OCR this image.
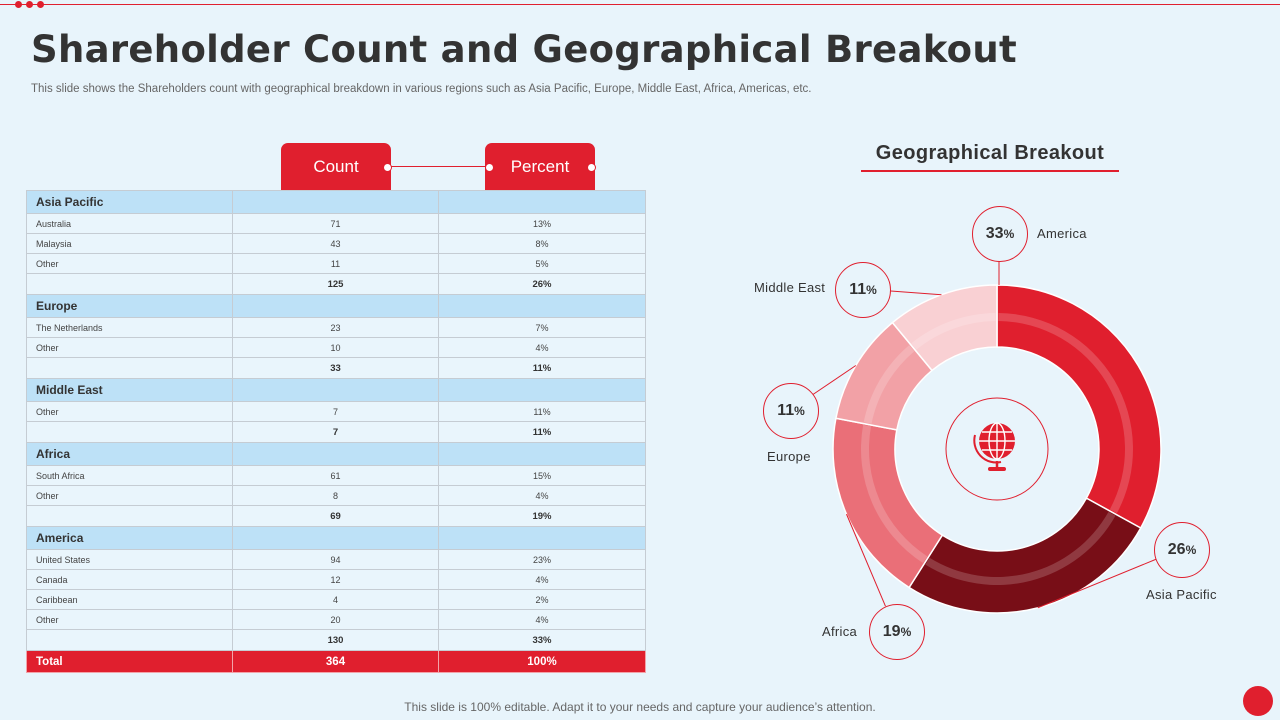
Shareholder Count and Geographical Breakout
This slide shows the Shareholders count with geographical breakdown in various regions such as Asia Pacific, Europe, Middle East, Africa, Americas, etc.
Count	Percent
Asia Pacific		
Australia	71	13%
Malaysia	43	8%
Other	11	5%
	125	26%
Europe		
The Netherlands	23	7%
Other	10	4%
	33	11%
Middle East		
Other	7	11%
	7	11%
Africa		
South Africa	61	15%
Other	8	4%
	69	19%
America		
United States	94	23%
Canada	12	4%
Caribbean	4	2%
Other	20	4%
	130	33%
Total	364	100%
Geographical Breakout
33 % America
26 %
Asia Pacific
19 %
Africa
11 %
Europe
11 %
Middle East
This slide is 100% editable. Adapt it to your needs and capture your audience’s attention.
